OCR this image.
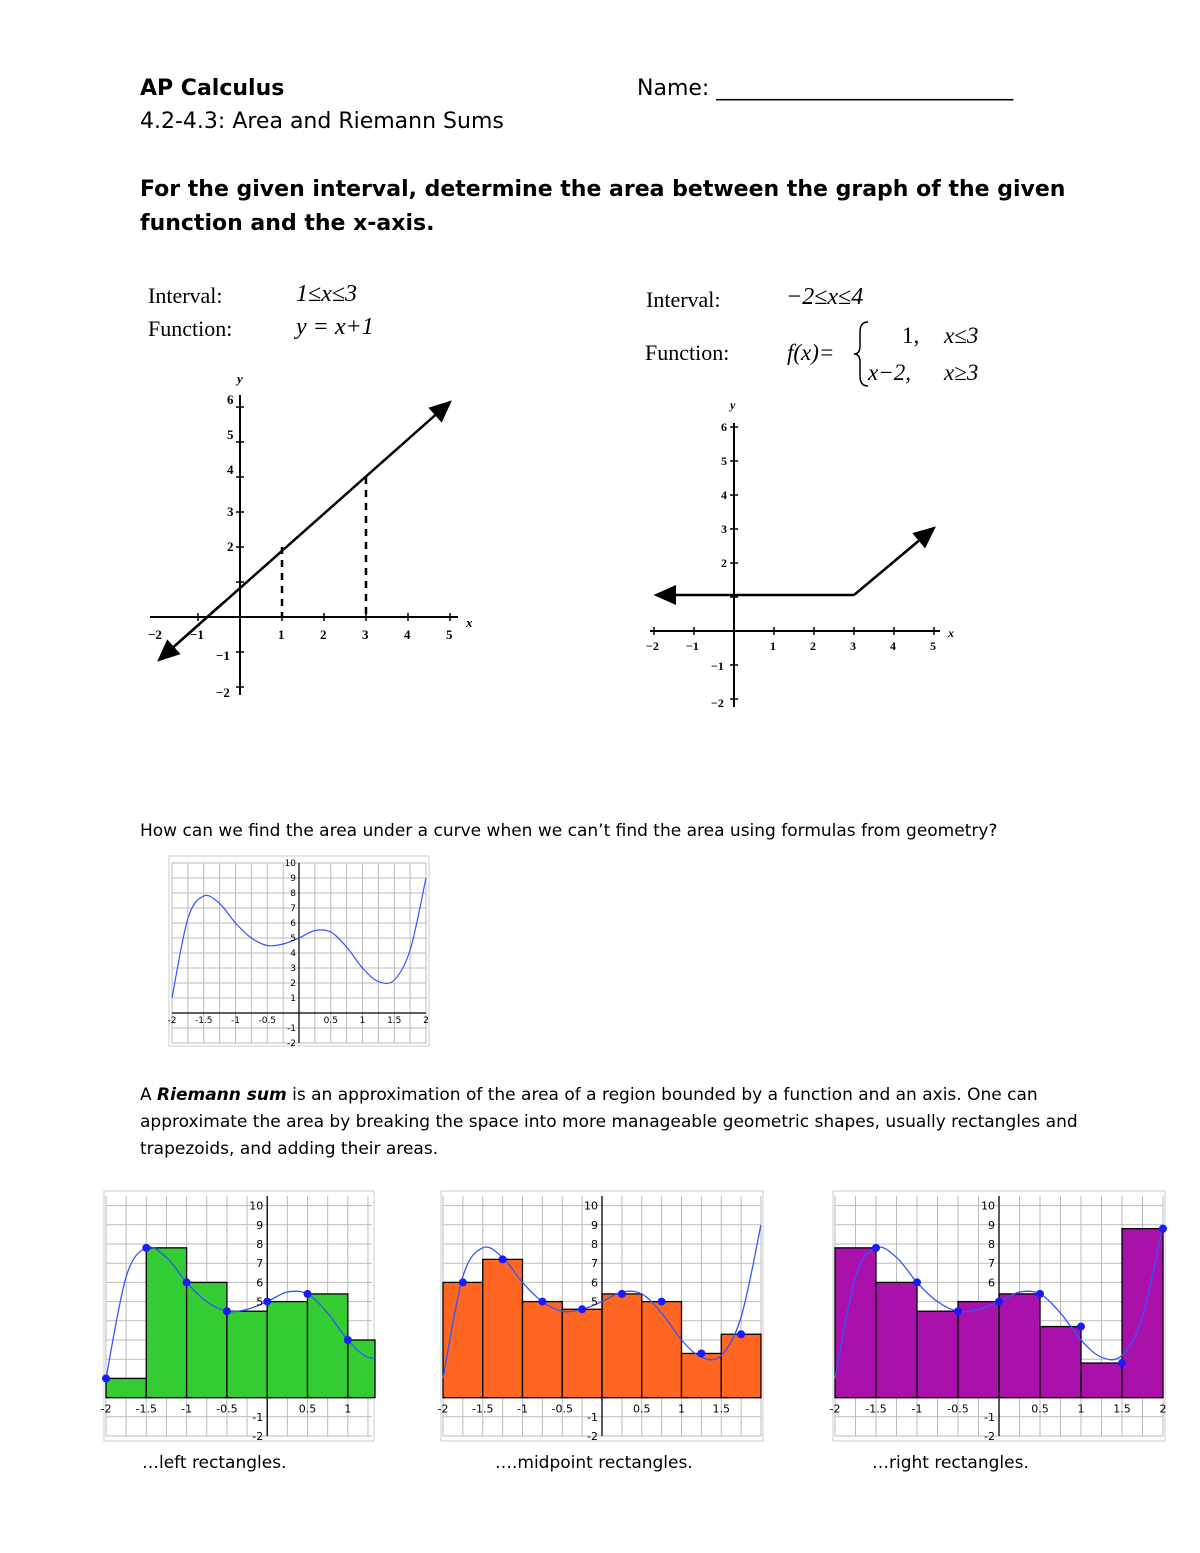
AP Calculus	Name: ___________________________
4.2-4.3: Area and Riemann Sums
For the given interval, determine the area between the graph of the given function and the x-axis.
Interval:	1≤x≤3
Function:	y = x+1
−2 −1	1	2	3	4	5
x
6
5
4
3
2
−1
−2
y
Interval:	−2≤x≤4
Function:	f(x)=
1, x≤3
x−2, x≥3
−2 −1	1	2	3	4	5
x
6
5
4
3
2
−1
−2
y
How can we find the area under a curve when we can’t find the area using formulas from geometry?
-2 -1.5 -1 -0.5	0.5 1 1.5 2
10
9
8
7
6
5
4
3
2
1
-1
-2
A Riemann sum is an approximation of the area of a region bounded by a function and an axis. One can approximate the area by breaking the space into more manageable geometric shapes, usually rectangles and trapezoids, and adding their areas.
-2 -1.5 -1 -0.5	0.5	1
10
9
8
7
6
5
-1
-2
-2 -1.5 -1 -0.5	0.5	1	1.5
10
9
8
7
6
5
-1
-2
-2 -1.5 -1 -0.5	0.5	1	1.5	2
10
9
8
7
6
-1
-2
…left rectangles.	….midpoint rectangles.	…right rectangles.
